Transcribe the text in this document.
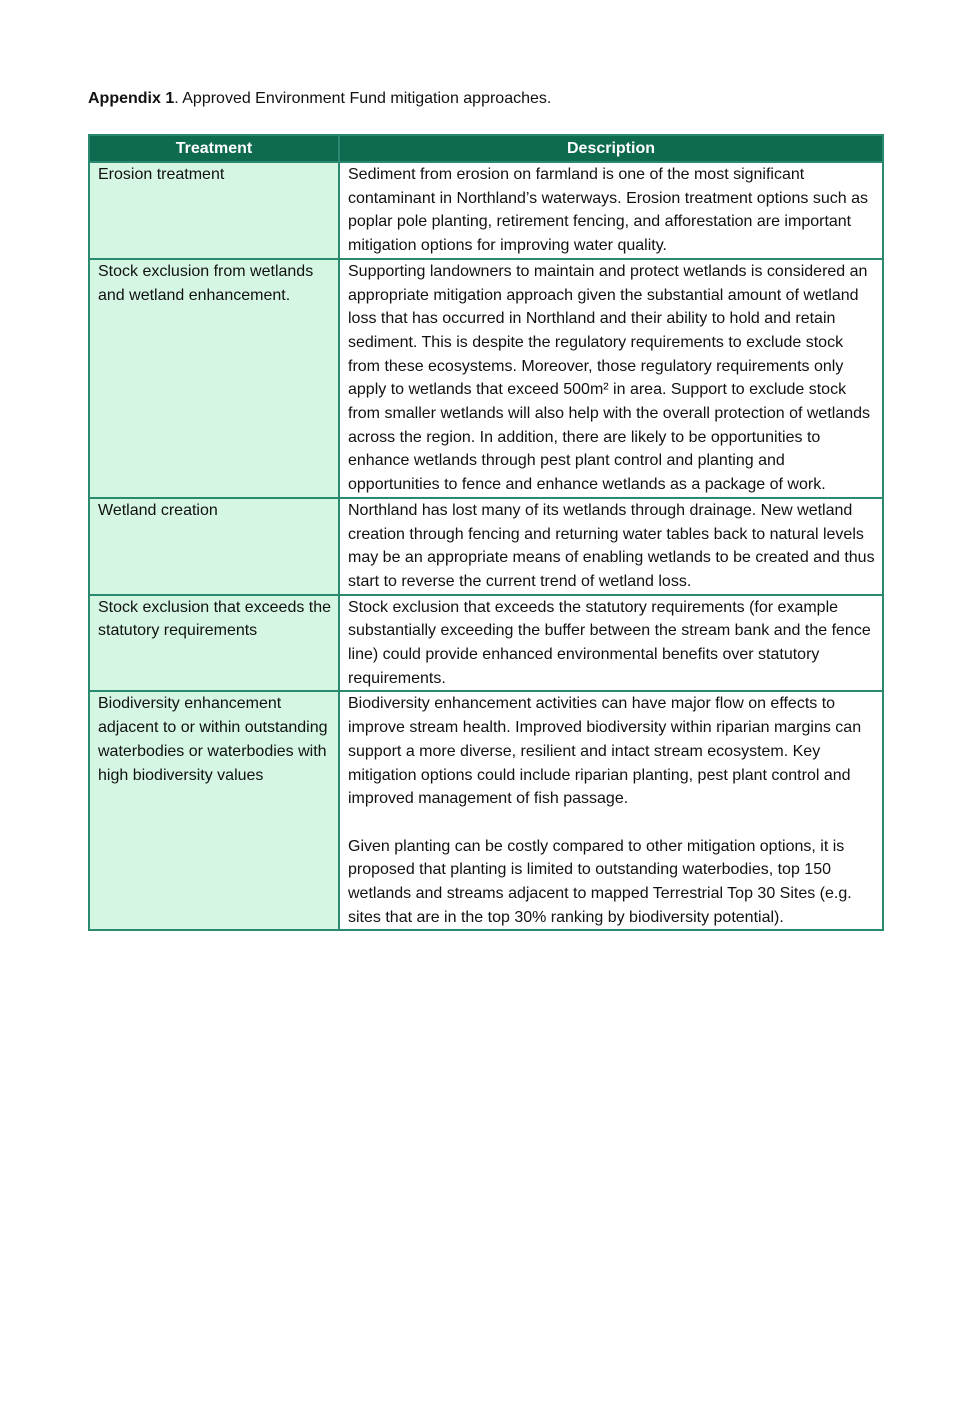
Appendix 1. Approved Environment Fund mitigation approaches.
Treatment	Description
Erosion treatment	Sediment from erosion on farmland is one of the most significant contaminant in Northland’s waterways. Erosion treatment options such as poplar pole planting, retirement fencing, and afforestation are important mitigation options for improving water quality.

Stock exclusion from wetlands and wetland enhancement.	Supporting landowners to maintain and protect wetlands is considered an appropriate mitigation approach given the substantial amount of wetland loss that has occurred in Northland and their ability to hold and retain sediment. This is despite the regulatory requirements to exclude stock from these ecosystems. Moreover, those regulatory requirements only apply to wetlands that exceed 500m² in area. Support to exclude stock from smaller wetlands will also help with the overall protection of wetlands across the region. In addition, there are likely to be opportunities to enhance wetlands through pest plant control and planting and opportunities to fence and enhance wetlands as a package of work.

Wetland creation	Northland has lost many of its wetlands through drainage. New wetland creation through fencing and returning water tables back to natural levels may be an appropriate means of enabling wetlands to be created and thus start to reverse the current trend of wetland loss.

Stock exclusion that exceeds the statutory requirements	Stock exclusion that exceeds the statutory requirements (for example substantially exceeding the buffer between the stream bank and the fence line) could provide enhanced environmental benefits over statutory requirements.

Biodiversity enhancement adjacent to or within outstanding waterbodies or waterbodies with high biodiversity values	Biodiversity enhancement activities can have major flow on effects to improve stream health. Improved biodiversity within riparian margins can support a more diverse, resilient and intact stream ecosystem. Key mitigation options could include riparian planting, pest plant control and improved management of fish passage.
Given planting can be costly compared to other mitigation options, it is proposed that planting is limited to outstanding waterbodies, top 150 wetlands and streams adjacent to mapped Terrestrial Top 30 Sites (e.g. sites that are in the top 30% ranking by biodiversity potential).
